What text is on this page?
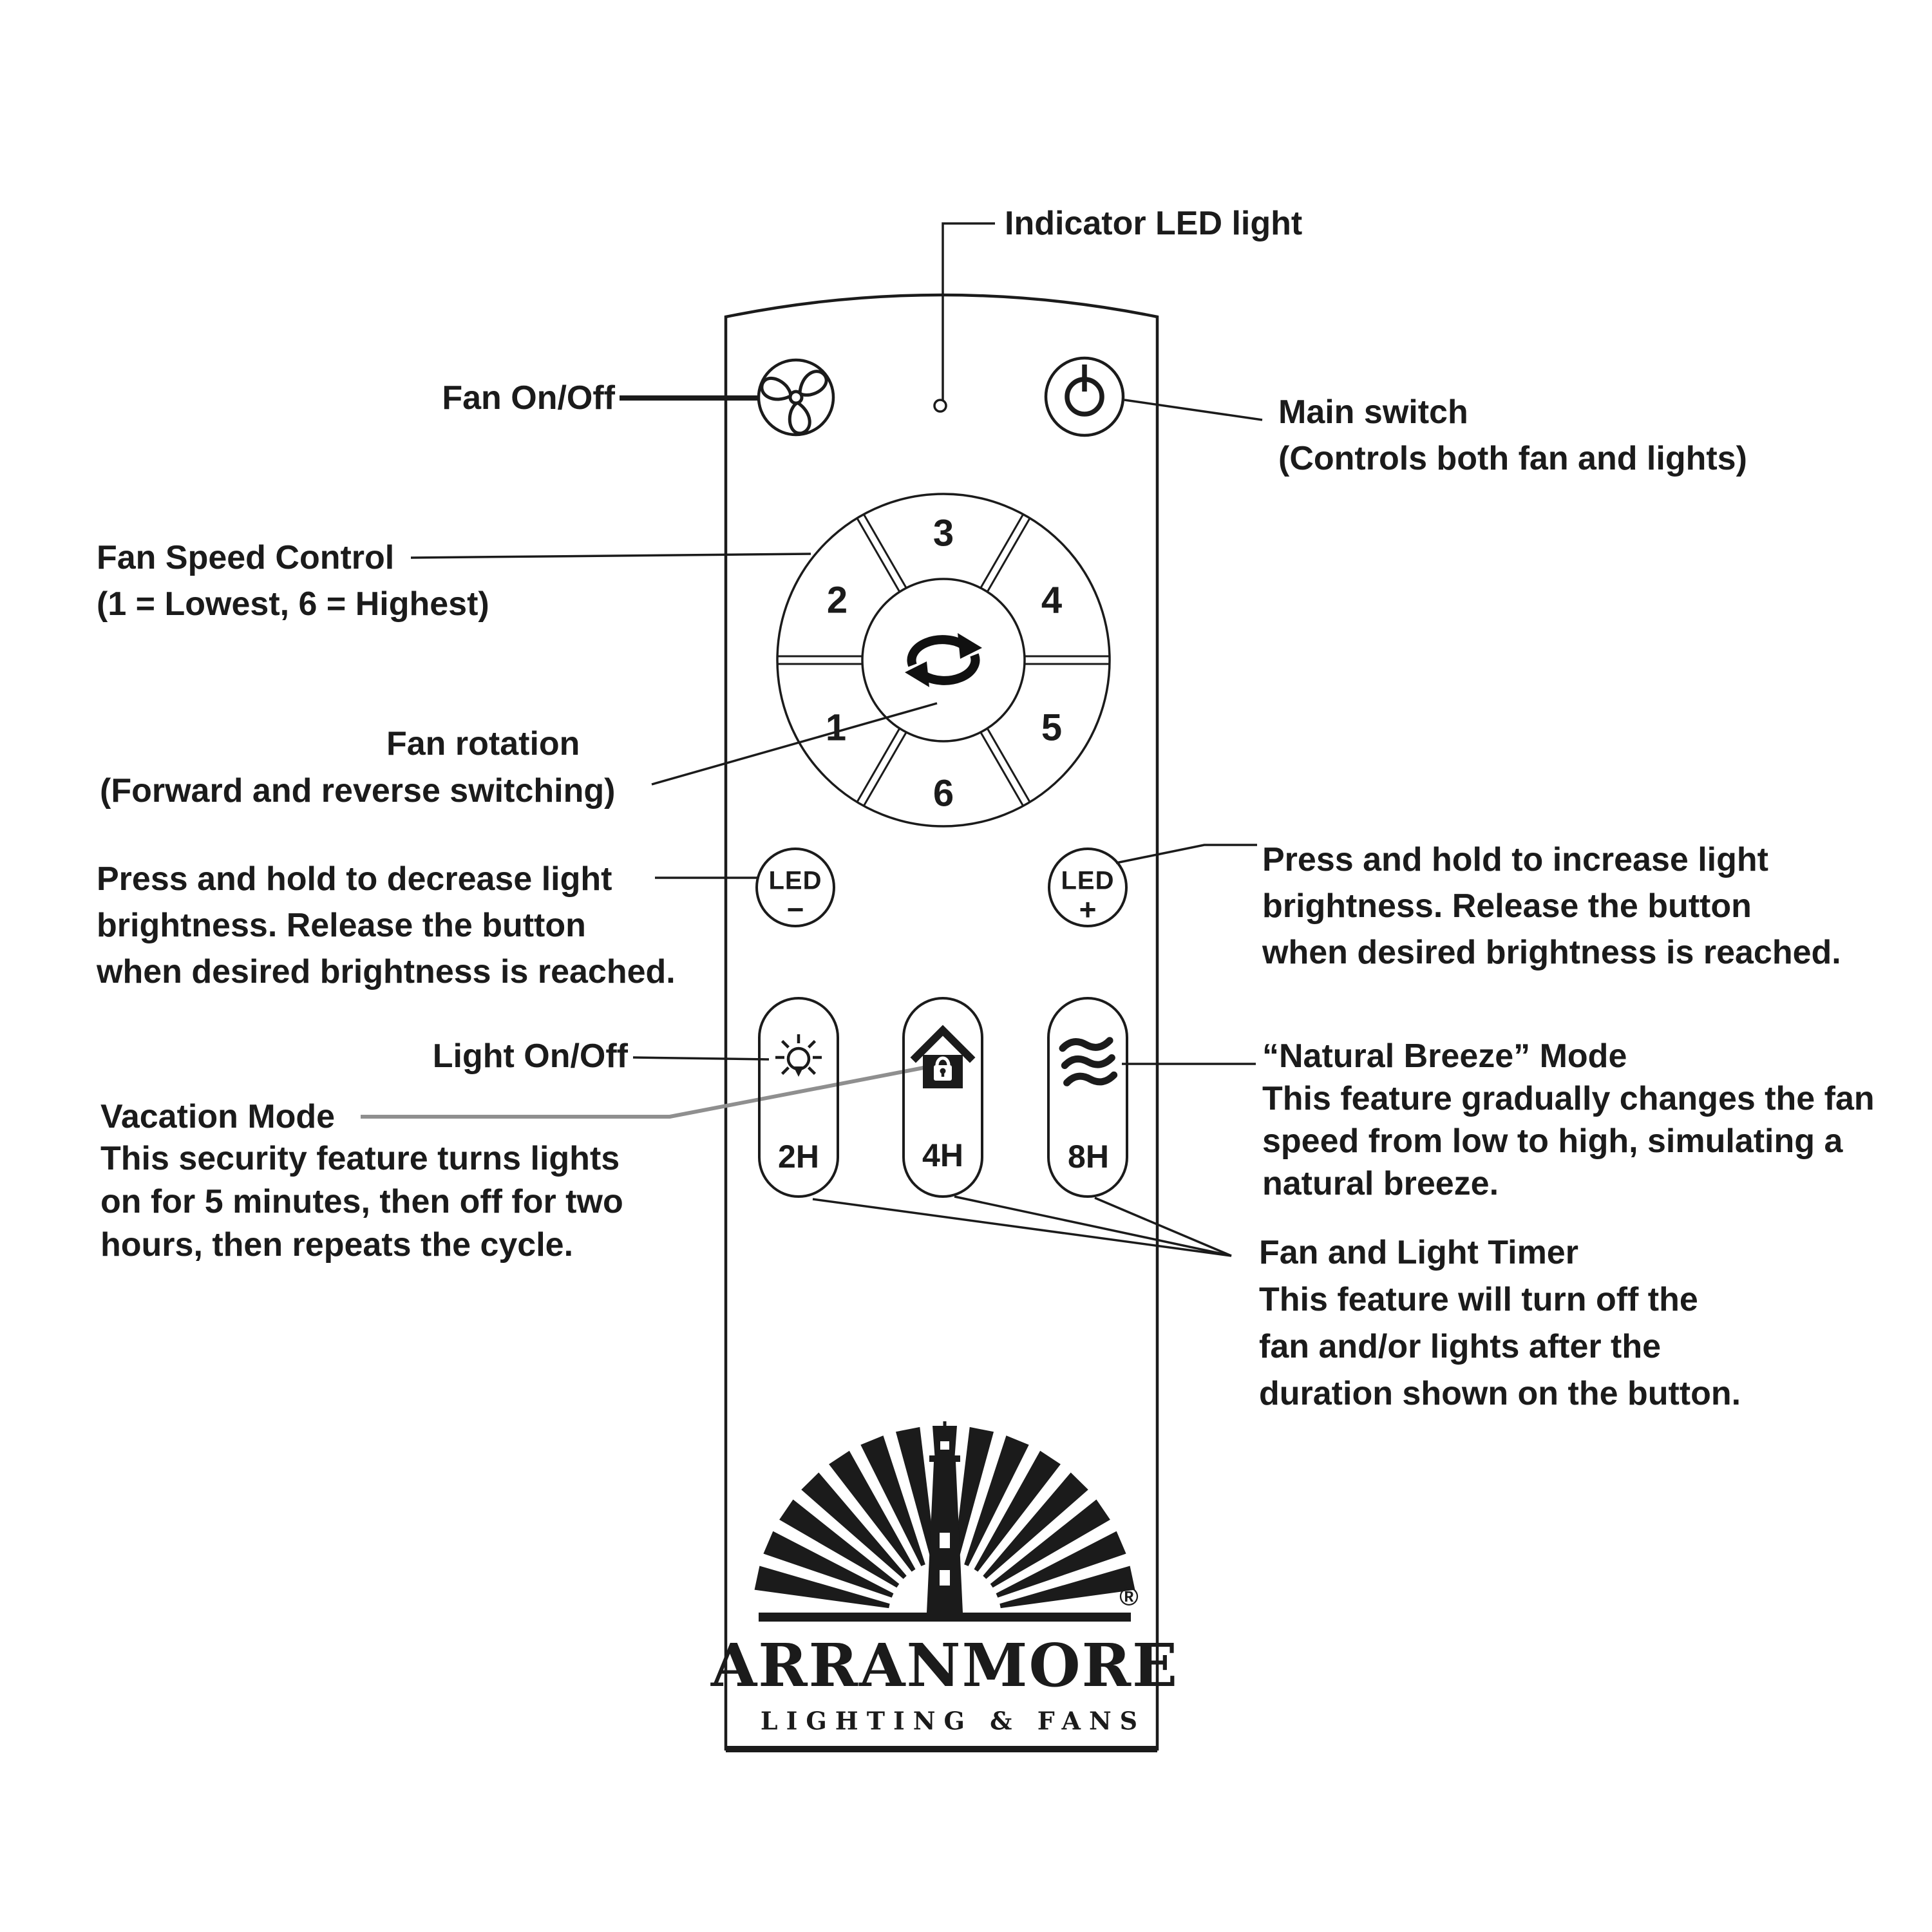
Indicator LED light
Fan On/Off	Main switch
(Controls both fan and lights)
Fan Speed Control
(1 = Lowest, 6 = Highest)
Fan rotation
(Forward and reverse switching)
Press and hold to decrease light
brightness. Release the button
when desired brightness is reached.
Press and hold to increase light
brightness. Release the button
when desired brightness is reached.
Light On/Off
Vacation Mode
This security feature turns lights
on for 5 minutes, then off for two
hours, then repeats the cycle.
“Natural Breeze” Mode
This feature gradually changes the fan
speed from low to high, simulating a
natural breeze.
Fan and Light Timer
This feature will turn off the
fan and/or lights after the
duration shown on the button.
1
2
3
4
5
6
LED
−
LED
+
2H	4H	8H
ARRANMORE
LIGHTING & FANS
®
